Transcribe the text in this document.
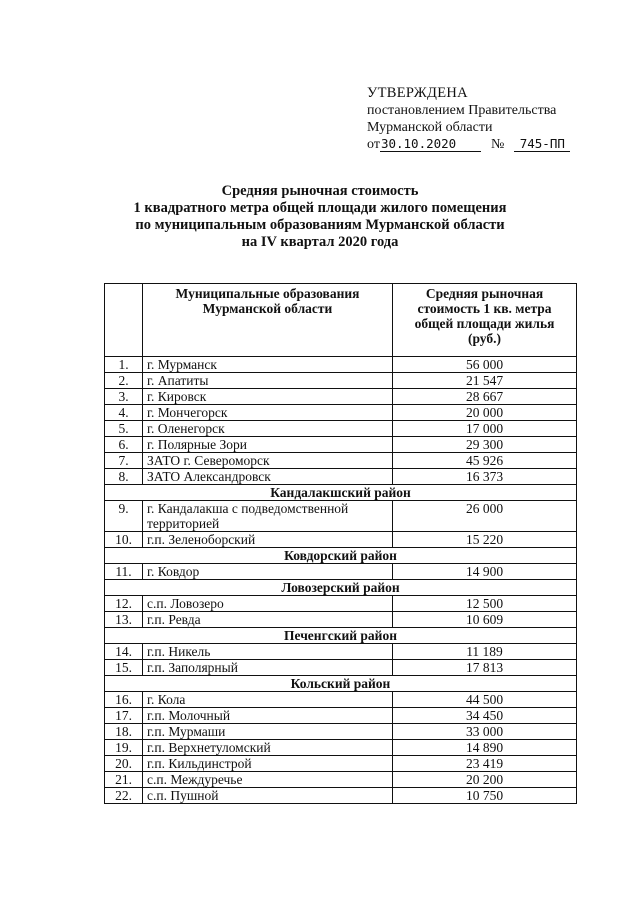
УТВЕРЖДЕНА
постановлением Правительства
Мурманской области
от30.10.2020 № 745-ПП
Средняя рыночная стоимость
1 квадратного метра общей площади жилого помещения
по муниципальным образованиям Мурманской области
на IV квартал 2020 года
	Муниципальные образования Мурманской области	Средняя рыночная стоимость 1 кв. метра общей площади жилья (руб.)
1.	г. Мурманск	56 000
2.	г. Апатиты	21 547
3.	г. Кировск	28 667
4.	г. Мончегорск	20 000
5.	г. Оленегорск	17 000
6.	г. Полярные Зори	29 300
7.	ЗАТО г. Североморск	45 926
8.	ЗАТО Александровск	16 373
Кандалакшский район		
9.	г. Кандалакша с подведомственной территорией	26 000
10.	г.п. Зеленоборский	15 220
Ковдорский район		
11.	г. Ковдор	14 900
Ловозерский район		
12.	с.п. Ловозеро	12 500
13.	г.п. Ревда	10 609
Печенгский район		
14.	г.п. Никель	11 189
15.	г.п. Заполярный	17 813
Кольский район		
16.	г. Кола	44 500
17.	г.п. Молочный	34 450
18.	г.п. Мурмаши	33 000
19.	г.п. Верхнетуломский	14 890
20.	г.п. Кильдинстрой	23 419
21.	с.п. Междуречье	20 200
22.	с.п. Пушной	10 750
